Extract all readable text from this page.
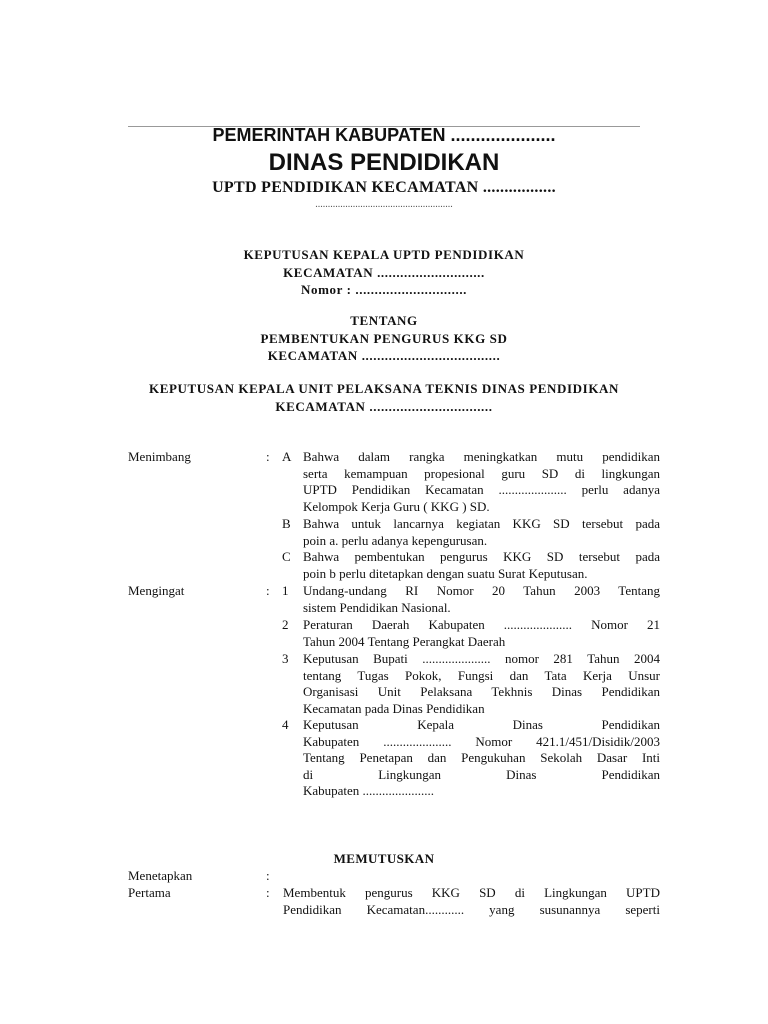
PEMERINTAH KABUPATEN .....................
DINAS PENDIDIKAN
UPTD PENDIDIKAN KECAMATAN .................
.......................................................
KEPUTUSAN KEPALA UPTD PENDIDIKAN
KECAMATAN ............................
Nomor : .............................
TENTANG
PEMBENTUKAN PENGURUS KKG SD
KECAMATAN ....................................
KEPUTUSAN KEPALA UNIT PELAKSANA TEKNIS DINAS PENDIDIKAN
KECAMATAN ................................
Menimbang	: A Bahwa dalam rangka meningkatkan mutu pendidikan
serta kemampuan propesional guru SD di lingkungan
UPTD Pendidikan Kecamatan ..................... perlu adanya
Kelompok Kerja Guru ( KKG ) SD.
B Bahwa untuk lancarnya kegiatan KKG SD tersebut pada
poin a. perlu adanya kepengurusan.
C Bahwa pembentukan pengurus KKG SD tersebut pada
poin b perlu ditetapkan dengan suatu Surat Keputusan.
Mengingat	: 1 Undang-undang RI Nomor 20 Tahun 2003 Tentang
sistem Pendidikan Nasional.
2 Peraturan Daerah Kabupaten ..................... Nomor 21
Tahun 2004 Tentang Perangkat Daerah
3 Keputusan Bupati ..................... nomor 281 Tahun 2004
tentang Tugas Pokok, Fungsi dan Tata Kerja Unsur
Organisasi Unit Pelaksana Tekhnis Dinas Pendidikan
Kecamatan pada Dinas Pendidikan
4 Keputusan Kepala Dinas Pendidikan
Kabupaten ..................... Nomor 421.1/451/Disidik/2003
Tentang Penetapan dan Pengukuhan Sekolah Dasar Inti
di Lingkungan Dinas Pendidikan
Kabupaten ......................
MEMUTUSKAN
Menetapkan	:
Pertama	: Membentuk pengurus KKG SD di Lingkungan UPTD
Pendidikan Kecamatan............ yang susunannya seperti
